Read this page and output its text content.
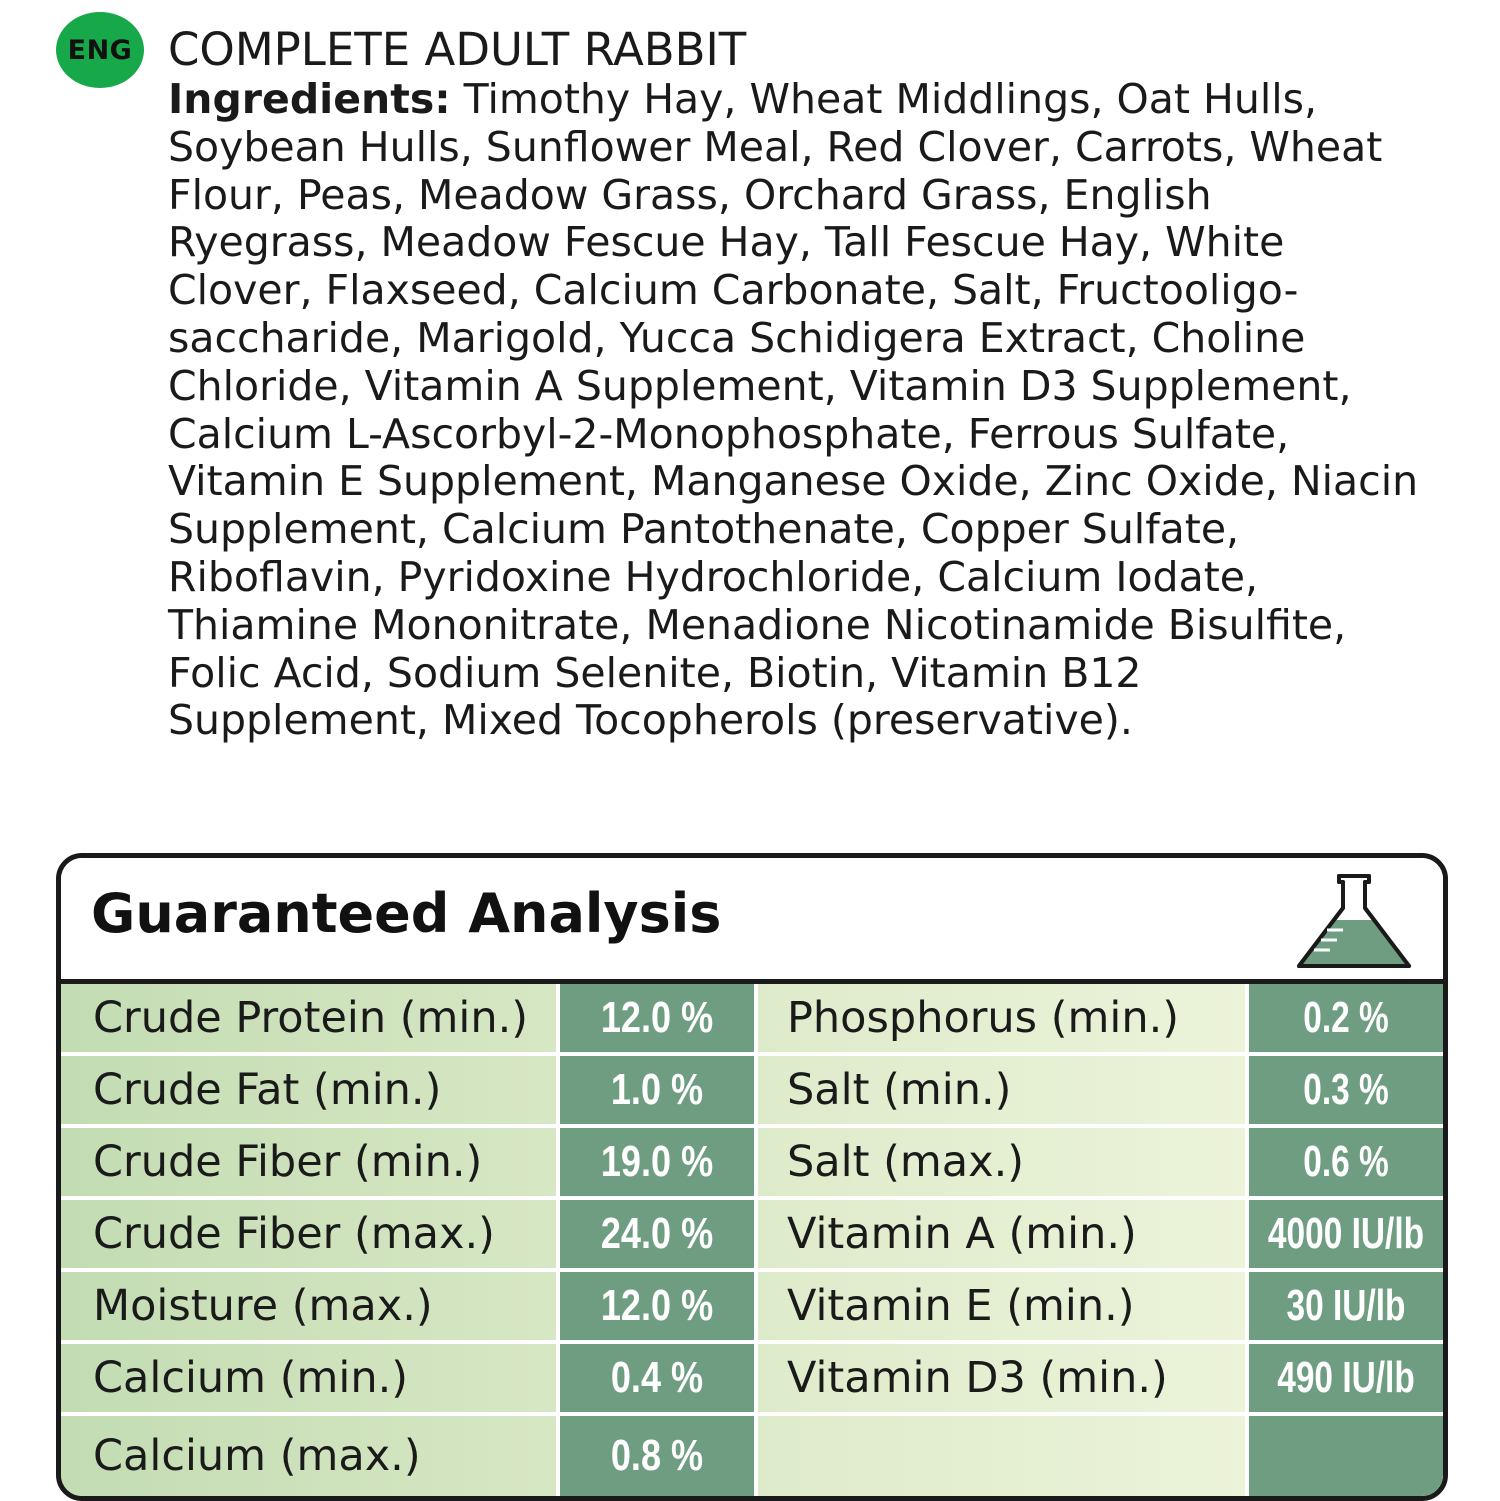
ENG COMPLETE ADULT RABBIT
Ingredients: Timothy Hay, Wheat Middlings, Oat Hulls,
Soybean Hulls, Sunflower Meal, Red Clover, Carrots, Wheat
Flour, Peas, Meadow Grass, Orchard Grass, English
Ryegrass, Meadow Fescue Hay, Tall Fescue Hay, White
Clover, Flaxseed, Calcium Carbonate, Salt, Fructooligo-
saccharide, Marigold, Yucca Schidigera Extract, Choline
Chloride, Vitamin A Supplement, Vitamin D3 Supplement,
Calcium L-Ascorbyl-2-Monophosphate, Ferrous Sulfate,
Vitamin E Supplement, Manganese Oxide, Zinc Oxide, Niacin
Supplement, Calcium Pantothenate, Copper Sulfate,
Riboflavin, Pyridoxine Hydrochloride, Calcium Iodate,
Thiamine Mononitrate, Menadione Nicotinamide Bisulfite,
Folic Acid, Sodium Selenite, Biotin, Vitamin B12
Supplement, Mixed Tocopherols (preservative).
Guaranteed Analysis
Crude Protein (min.)	12.0 %	Phosphorus (min.)	0.2 %
Crude Fat (min.)	1.0 %	Salt (min.)	0.3 %
Crude Fiber (min.)	19.0 %	Salt (max.)	0.6 %
Crude Fiber (max.)	24.0 %	Vitamin A (min.)	4000 IU/lb
Moisture (max.)	12.0 %	Vitamin E (min.)	30 IU/lb
Calcium (min.)	0.4 %	Vitamin D3 (min.)	490 IU/lb
Calcium (max.)	0.8 %
